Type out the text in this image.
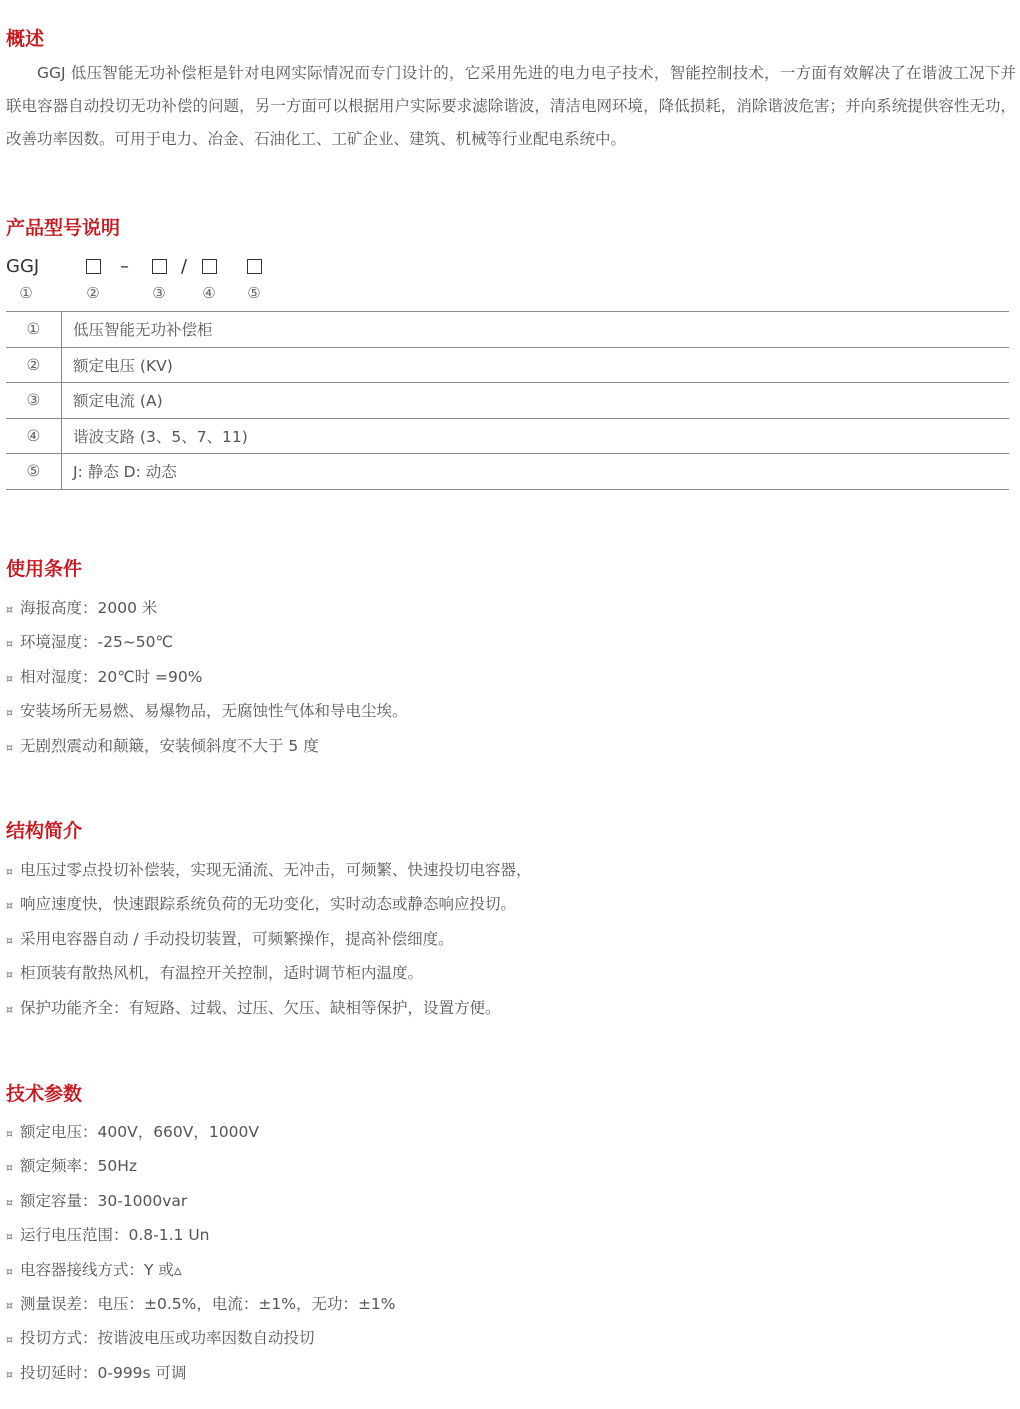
概述

GGJ 低压智能无功补偿柜是针对电网实际情况而专门设计的，它采用先进的电力电子技术，智能控制技术，一方面有效解决了在谐波工况下并联电容器自动投切无功补偿的问题，另一方面可以根据用户实际要求滤除谐波，清洁电网环境，降低损耗，消除谐波危害；并向系统提供容性无功，改善功率因数。可用于电力、冶金、石油化工、工矿企业、建筑、机械等行业配电系统中。

产品型号说明
GGJ	–	/
①	②	③ ④ ⑤
①	低压智能无功补偿柜
②	额定电压 (KV)
③	额定电流 (A)
④	谐波支路 (3、5、7、11)
⑤	J: 静态 D: 动态
使用条件
¤ 海报高度：2000 米
¤ 环境湿度：-25~50℃
¤ 相对湿度：20℃时 =90%
¤ 安装场所无易燃、易爆物品，无腐蚀性气体和导电尘埃。
¤ 无剧烈震动和颠簸，安装倾斜度不大于 5 度
结构简介
¤ 电压过零点投切补偿装，实现无涌流、无冲击，可频繁、快速投切电容器，
¤ 响应速度快，快速跟踪系统负荷的无功变化，实时动态或静态响应投切。
¤ 采用电容器自动 / 手动投切装置，可频繁操作，提高补偿细度。
¤ 柜顶装有散热风机，有温控开关控制，适时调节柜内温度。
¤ 保护功能齐全：有短路、过载、过压、欠压、缺相等保护，设置方便。
技术参数
¤ 额定电压：400V，660V，1000V
¤ 额定频率：50Hz
¤ 额定容量：30-1000var
¤ 运行电压范围：0.8-1.1 Un
¤ 电容器接线方式：Y 或▵
¤ 测量误差：电压：±0.5%，电流：±1%，无功：±1%
¤ 投切方式：按谐波电压或功率因数自动投切
¤ 投切延时：0-999s 可调
